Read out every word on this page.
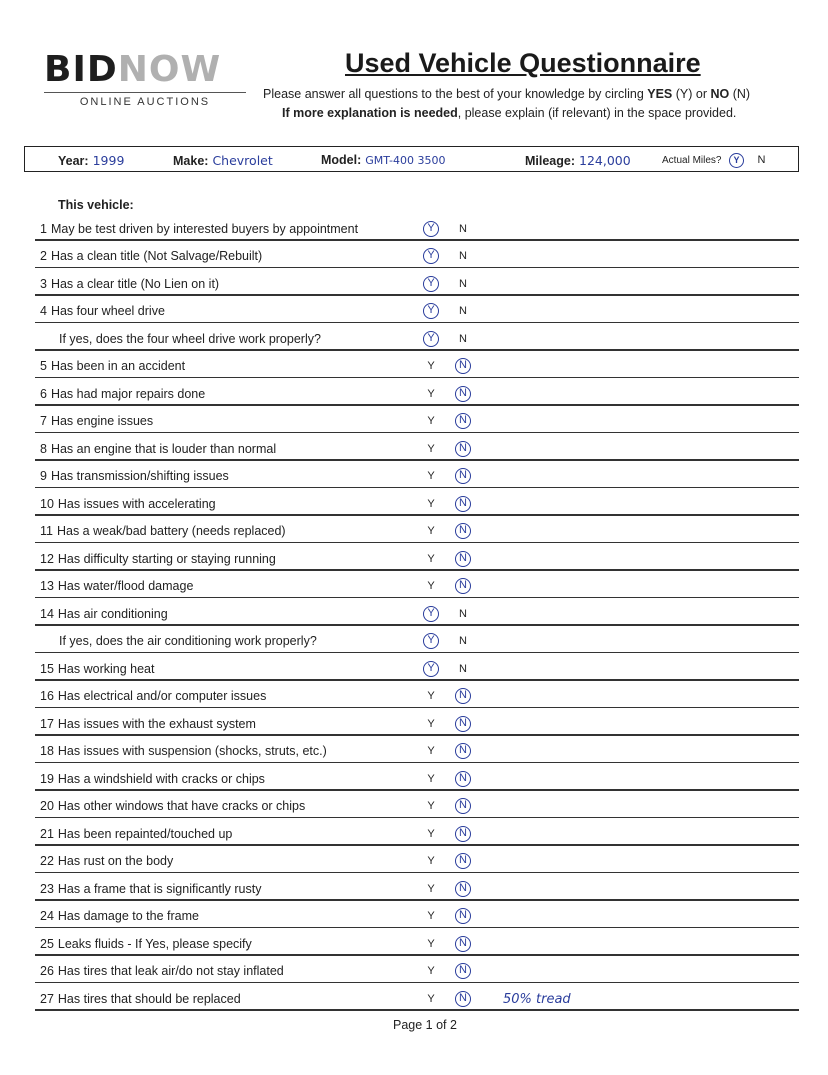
BIDNOW
ONLINE AUCTIONS
Used Vehicle Questionnaire
Please answer all questions to the best of your knowledge by circling YES (Y) or NO (N)
If more explanation is needed, please explain (if relevant) in the space provided.
Year: 1999	Make: Chevrolet	Model: GMT-400 3500	Mileage: 124,000	Actual Miles? Y N
This vehicle:
1 May be test driven by interested buyers by appointment	Y	N
2 Has a clean title (Not Salvage/Rebuilt)	Y	N
3 Has a clear title (No Lien on it)	Y	N
4 Has four wheel drive	Y	N
If yes, does the four wheel drive work properly?	Y	N
5 Has been in an accident	Y	N
6 Has had major repairs done	Y	N
7 Has engine issues	Y	N
8 Has an engine that is louder than normal	Y	N
9 Has transmission/shifting issues	Y	N
10 Has issues with accelerating	Y	N
11 Has a weak/bad battery (needs replaced)	Y	N
12 Has difficulty starting or staying running	Y	N
13 Has water/flood damage	Y	N
14 Has air conditioning	Y	N
If yes, does the air conditioning work properly?	Y	N
15 Has working heat	Y	N
16 Has electrical and/or computer issues	Y	N
17 Has issues with the exhaust system	Y	N
18 Has issues with suspension (shocks, struts, etc.)	Y	N
19 Has a windshield with cracks or chips	Y	N
20 Has other windows that have cracks or chips	Y	N
21 Has been repainted/touched up	Y	N
22 Has rust on the body	Y	N
23 Has a frame that is significantly rusty	Y	N
24 Has damage to the frame	Y	N
25 Leaks fluids - If Yes, please specify	Y	N
26 Has tires that leak air/do not stay inflated	Y	N
27 Has tires that should be replaced	Y	N	50% tread
Page 1 of 2
